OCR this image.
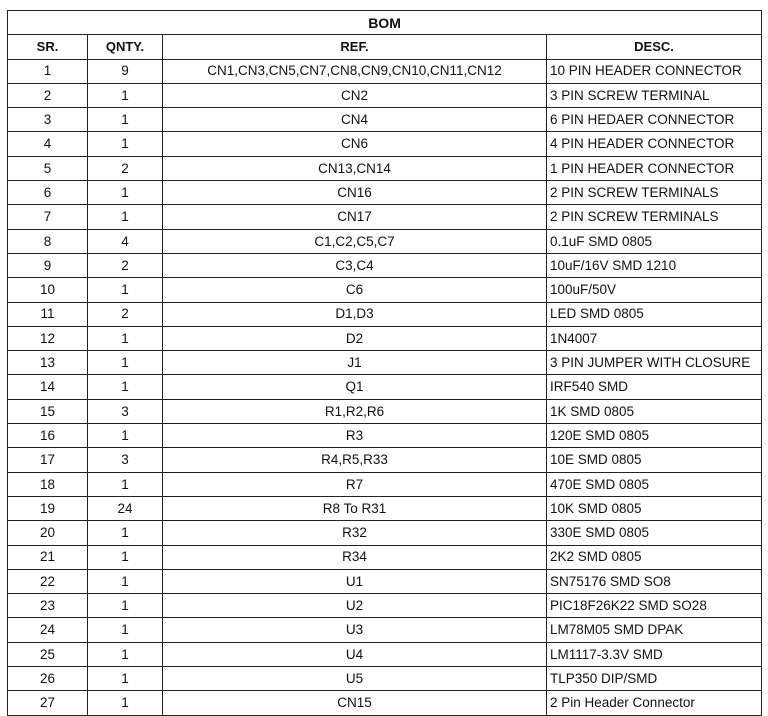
BOM			
SR.	QNTY.	REF.	DESC.
1	9	CN1,CN3,CN5,CN7,CN8,CN9,CN10,CN11,CN12	10 PIN HEADER CONNECTOR
2	1	CN2	3 PIN SCREW TERMINAL
3	1	CN4	6 PIN HEDAER CONNECTOR
4	1	CN6	4 PIN HEADER CONNECTOR
5	2	CN13,CN14	1 PIN HEADER CONNECTOR
6	1	CN16	2 PIN SCREW TERMINALS
7	1	CN17	2 PIN SCREW TERMINALS
8	4	C1,C2,C5,C7	0.1uF SMD 0805
9	2	C3,C4	10uF/16V SMD 1210
10	1	C6	100uF/50V
11	2	D1,D3	LED SMD 0805
12	1	D2	1N4007
13	1	J1	3 PIN JUMPER WITH CLOSURE
14	1	Q1	IRF540 SMD
15	3	R1,R2,R6	1K SMD 0805
16	1	R3	120E SMD 0805
17	3	R4,R5,R33	10E SMD 0805
18	1	R7	470E SMD 0805
19	24	R8 To R31	10K SMD 0805
20	1	R32	330E SMD 0805
21	1	R34	2K2 SMD 0805
22	1	U1	SN75176 SMD SO8
23	1	U2	PIC18F26K22 SMD SO28
24	1	U3	LM78M05 SMD DPAK
25	1	U4	LM1117-3.3V SMD
26	1	U5	TLP350 DIP/SMD
27	1	CN15	2 Pin Header Connector
